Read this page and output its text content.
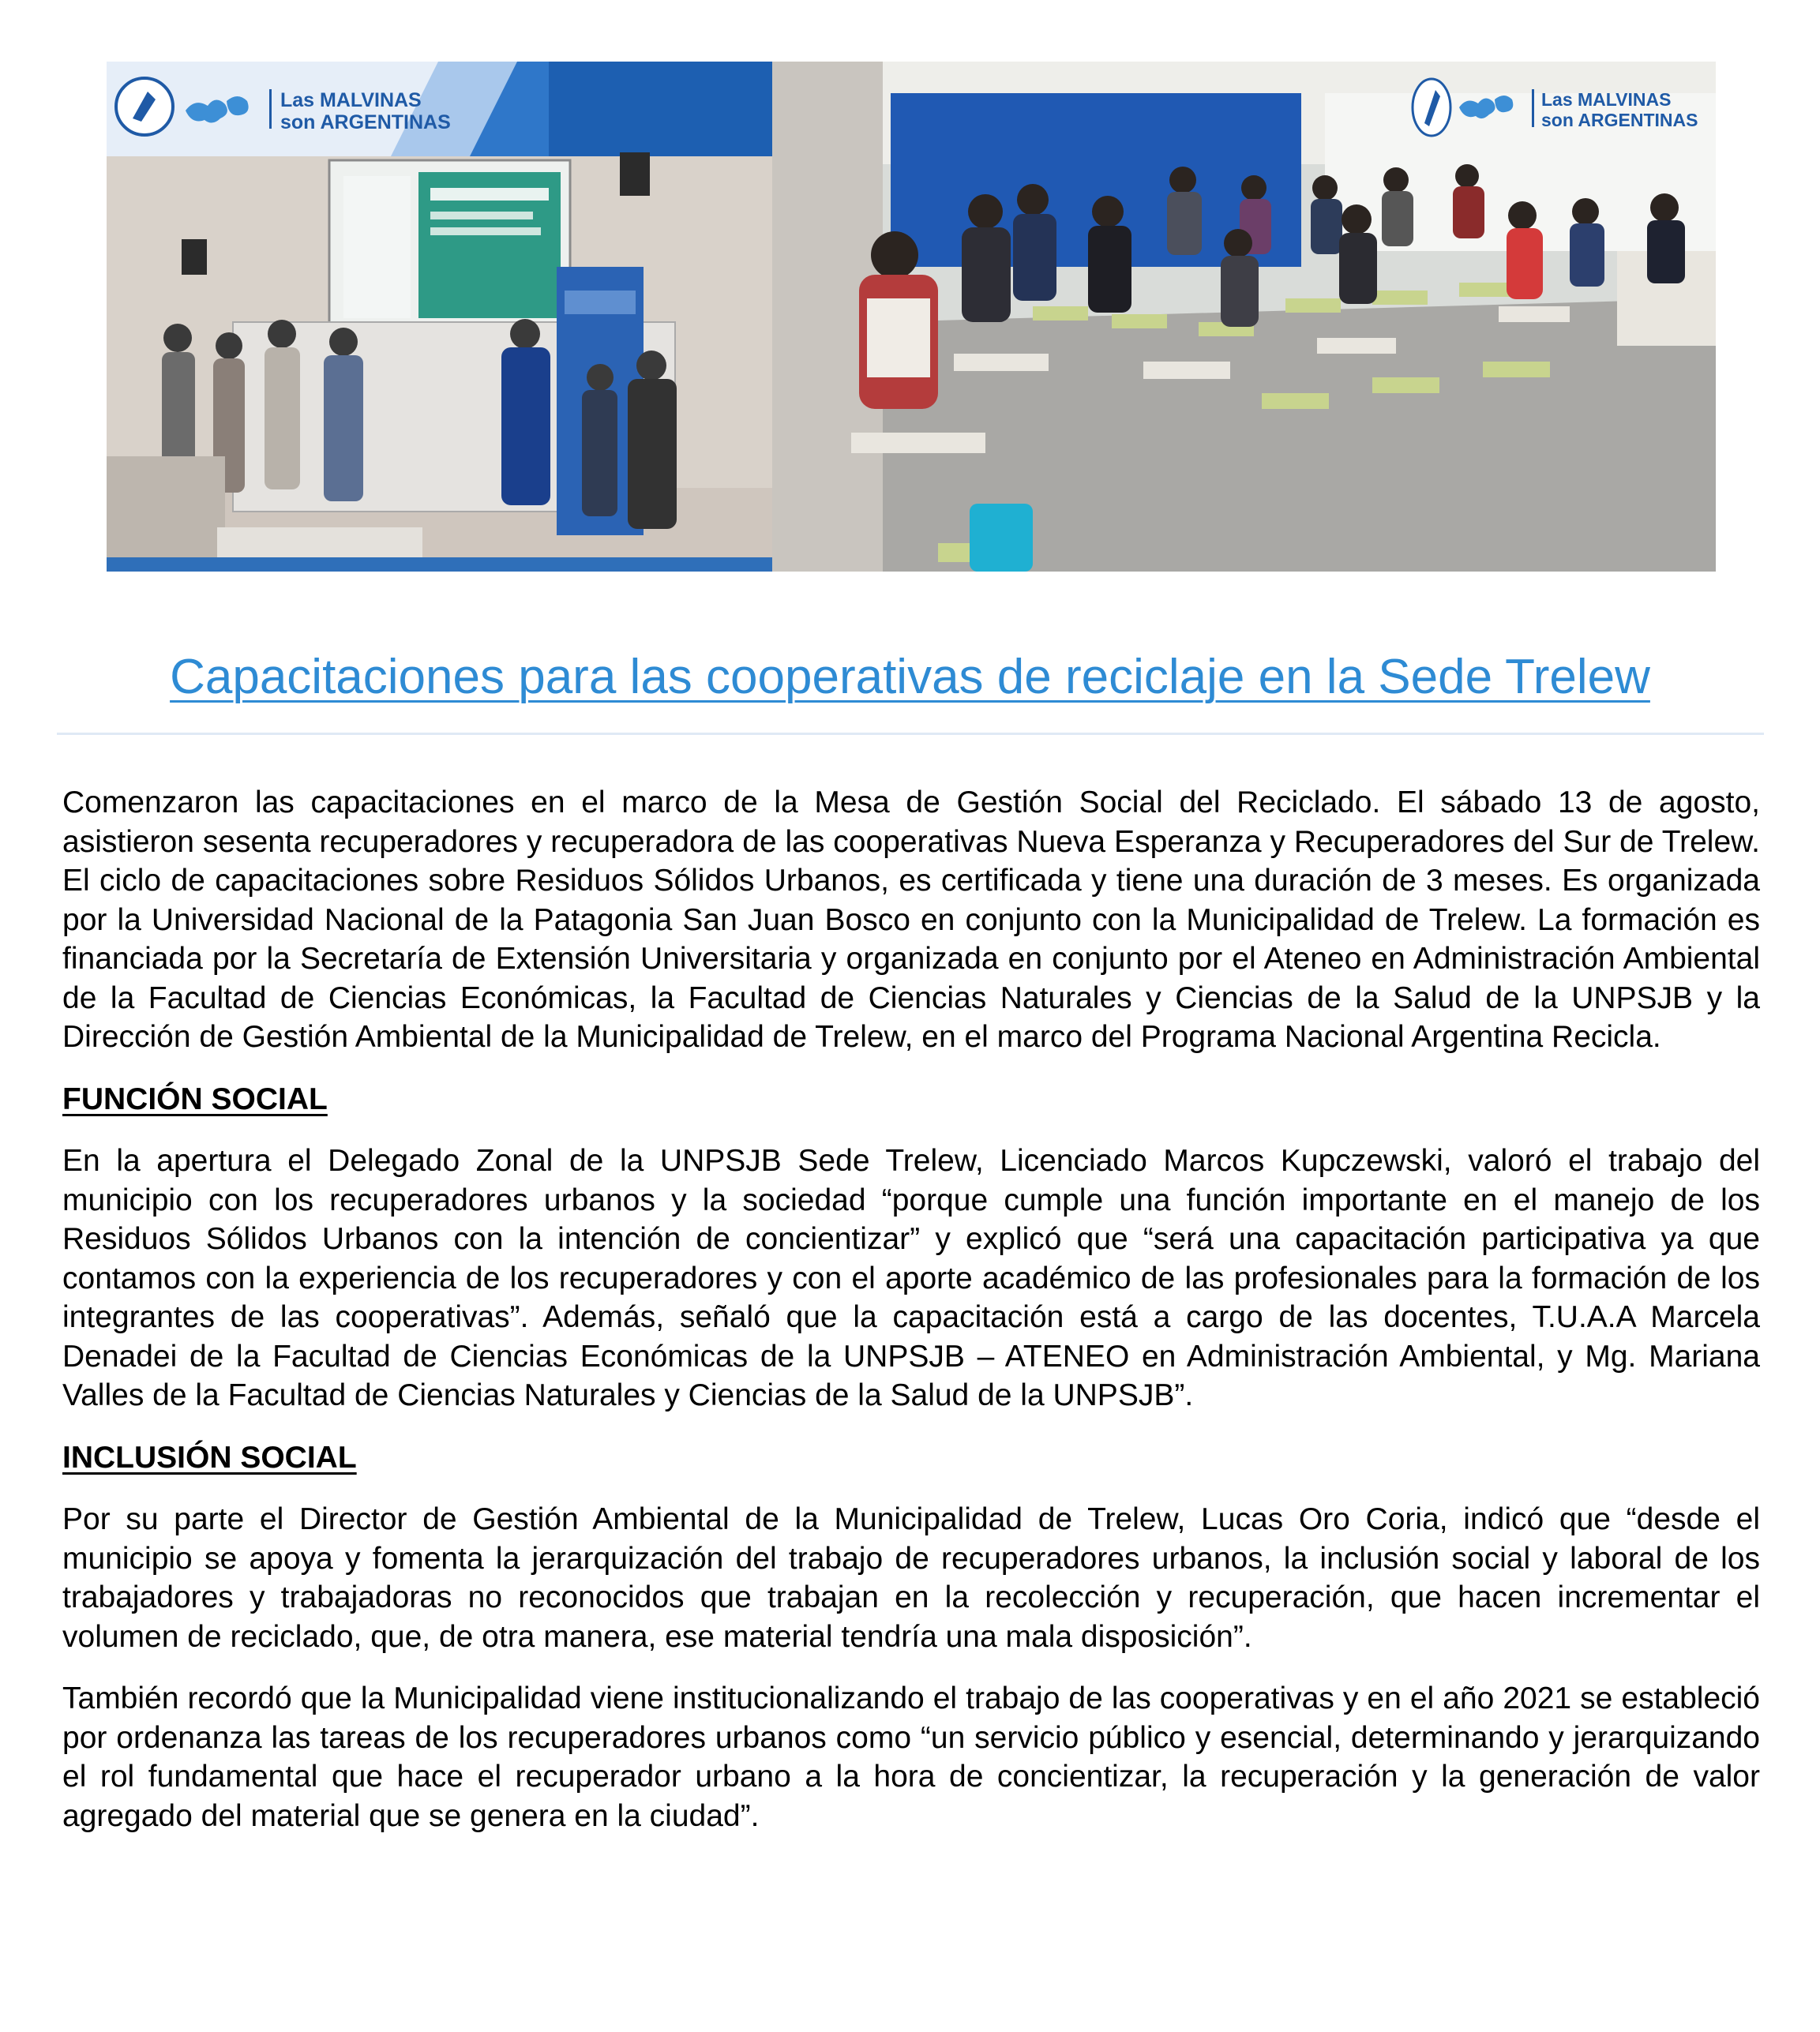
Las MALVINAS
son ARGENTINAS
Las MALVINAS
son ARGENTINAS
Capacitaciones para las cooperativas de reciclaje en la Sede Trelew

Comenzaron las capacitaciones en el marco de la Mesa de Gestión Social del Reciclado. El sábado 13 de agosto, asistieron sesenta recuperadores y recuperadora de las cooperativas Nueva Esperanza y Recuperadores del Sur de Trelew. El ciclo de capacitaciones sobre Residuos Sólidos Urbanos, es certificada y tiene una duración de 3 meses. Es organizada por la Universidad Nacional de la Patagonia San Juan Bosco en conjunto con la Municipalidad de Trelew. La formación es financiada por la Secretaría de Extensión Universitaria y organizada en conjunto por el Ateneo en Administración Ambiental de la Facultad de Ciencias Económicas, la Facultad de Ciencias Naturales y Ciencias de la Salud de la UNPSJB y la Dirección de Gestión Ambiental de la Municipalidad de Trelew, en el marco del Programa Nacional Argentina Recicla.

FUNCIÓN SOCIAL

En la apertura el Delegado Zonal de la UNPSJB Sede Trelew, Licenciado Marcos Kupczewski, valoró el trabajo del municipio con los recuperadores urbanos y la sociedad “porque cumple una función importante en el manejo de los Residuos Sólidos Urbanos con la intención de concientizar” y explicó que “será una capacitación participativa ya que contamos con la experiencia de los recuperadores y con el aporte académico de las profesionales para la formación de los integrantes de las cooperativas”. Además, señaló que la capacitación está a cargo de las docentes, T.U.A.A Marcela Denadei de la Facultad de Ciencias Económicas de la UNPSJB – ATENEO en Administración Ambiental, y Mg. Mariana Valles de la Facultad de Ciencias Naturales y Ciencias de la Salud de la UNPSJB”.

INCLUSIÓN SOCIAL

Por su parte el Director de Gestión Ambiental de la Municipalidad de Trelew, Lucas Oro Coria, indicó que “desde el municipio se apoya y fomenta la jerarquización del trabajo de recuperadores urbanos, la inclusión social y laboral de los trabajadores y trabajadoras no reconocidos que trabajan en la recolección y recuperación, que hacen incrementar el volumen de reciclado, que, de otra manera, ese material tendría una mala disposición”.

También recordó que la Municipalidad viene institucionalizando el trabajo de las cooperativas y en el año 2021 se estableció por ordenanza las tareas de los recuperadores urbanos como “un servicio público y esencial, determinando y jerarquizando el rol fundamental que hace el recuperador urbano a la hora de concientizar, la recuperación y la generación de valor agregado del material que se genera en la ciudad”.
